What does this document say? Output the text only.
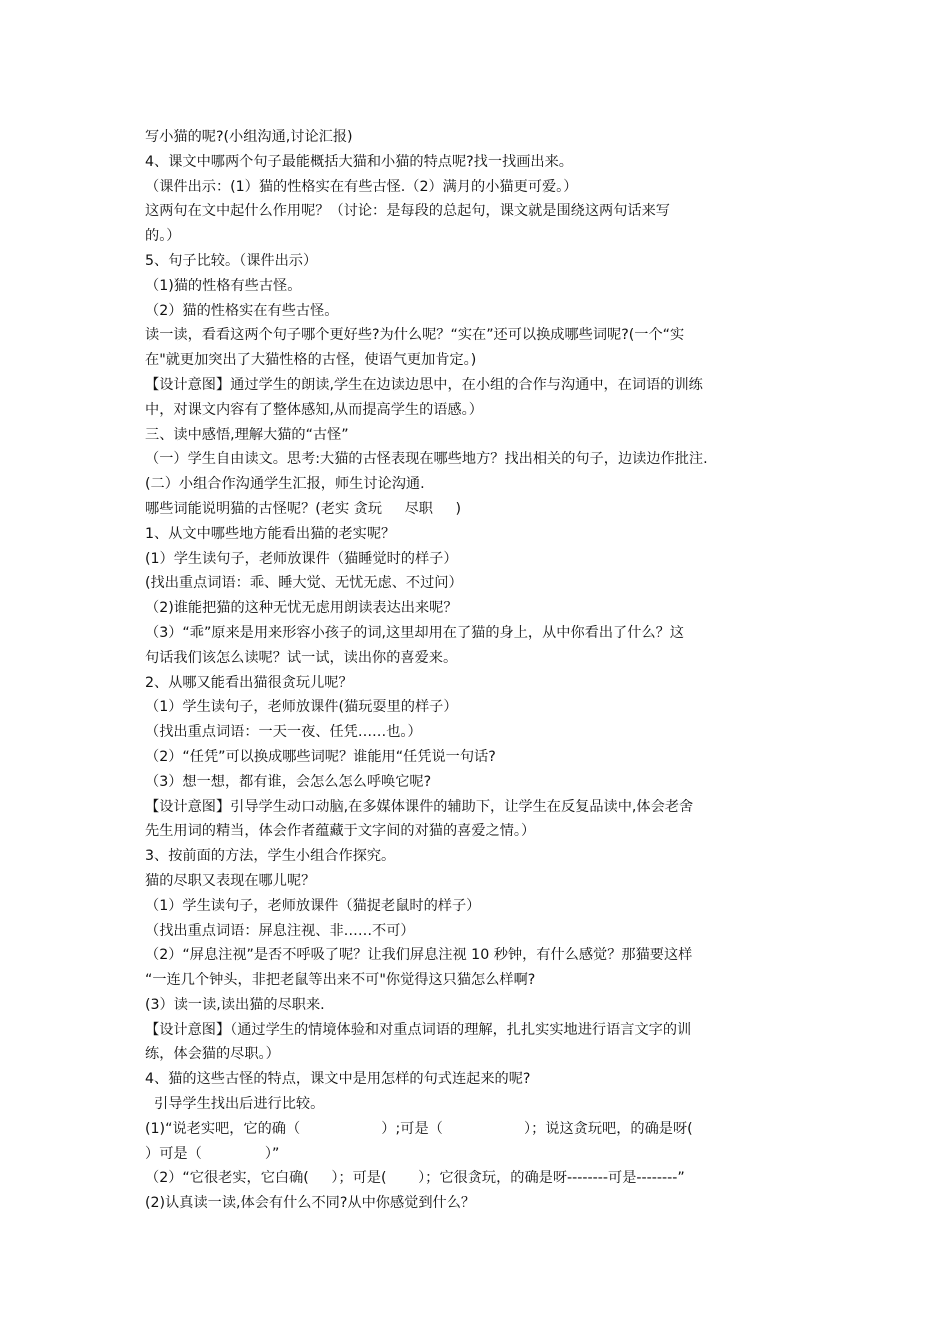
写小猫的呢?(小组沟通,讨论汇报)
4、课文中哪两个句子最能概括大猫和小猫的特点呢?找一找画出来。
（课件出示：(1）猫的性格实在有些古怪.（2）满月的小猫更可爱。）
这两句在文中起什么作用呢？（讨论：是每段的总起句，课文就是围绕这两句话来写
的。）
5、句子比较。（课件出示）
（1)猫的性格有些古怪。
（2）猫的性格实在有些古怪。
读一读，看看这两个句子哪个更好些?为什么呢？“实在”还可以换成哪些词呢?(一个“实
在"就更加突出了大猫性格的古怪，使语气更加肯定。)
【设计意图】通过学生的朗读,学生在边读边思中，在小组的合作与沟通中，在词语的训练
中，对课文内容有了整体感知,从而提高学生的语感。）
三、读中感悟,理解大猫的“古怪”
（一）学生自由读文。思考:大猫的古怪表现在哪些地方？找出相关的句子，边读边作批注.
(二）小组合作沟通学生汇报，师生讨论沟通.
哪些词能说明猫的古怪呢？(老实 贪玩     尽职     )
1、从文中哪些地方能看出猫的老实呢？
(1）学生读句子，老师放课件（猫睡觉时的样子）
(找出重点词语：乖、睡大觉、无忧无虑、不过问）
（2)谁能把猫的这种无忧无虑用朗读表达出来呢？
（3）“乖”原来是用来形容小孩子的词,这里却用在了猫的身上，从中你看出了什么？这
句话我们该怎么读呢？试一试，读出你的喜爱来。
2、从哪又能看出猫很贪玩儿呢？
（1）学生读句子，老师放课件(猫玩耍里的样子）
（找出重点词语：一天一夜、任凭……也。）
（2）“任凭”可以换成哪些词呢？谁能用“任凭说一句话?
（3）想一想，都有谁，会怎么怎么呼唤它呢?
【设计意图】引导学生动口动脑,在多媒体课件的辅助下，让学生在反复品读中,体会老舍
先生用词的精当，体会作者蕴藏于文字间的对猫的喜爱之情。）
3、按前面的方法，学生小组合作探究。
猫的尽职又表现在哪儿呢？
（1）学生读句子，老师放课件（猫捉老鼠时的样子）
（找出重点词语：屏息注视、非……不可）
（2）“屏息注视”是否不呼吸了呢？让我们屏息注视 10 秒钟，有什么感觉？那猫要这样
“一连几个钟头，非把老鼠等出来不可"你觉得这只猫怎么样啊?
(3）读一读,读出猫的尽职来.
【设计意图】（通过学生的情境体验和对重点词语的理解，扎扎实实地进行语言文字的训
练，体会猫的尽职。）
4、猫的这些古怪的特点，课文中是用怎样的句式连起来的呢?
引导学生找出后进行比较。
(1)“说老实吧，它的确（                  ）;可是（                  ）；说这贪玩吧，的确是呀(
）可是（              ）”
（2）“它很老实，它白确(     ）；可是(       ）；它很贪玩，的确是呀--------可是--------”
(2)认真读一读,体会有什么不同?从中你感觉到什么？
